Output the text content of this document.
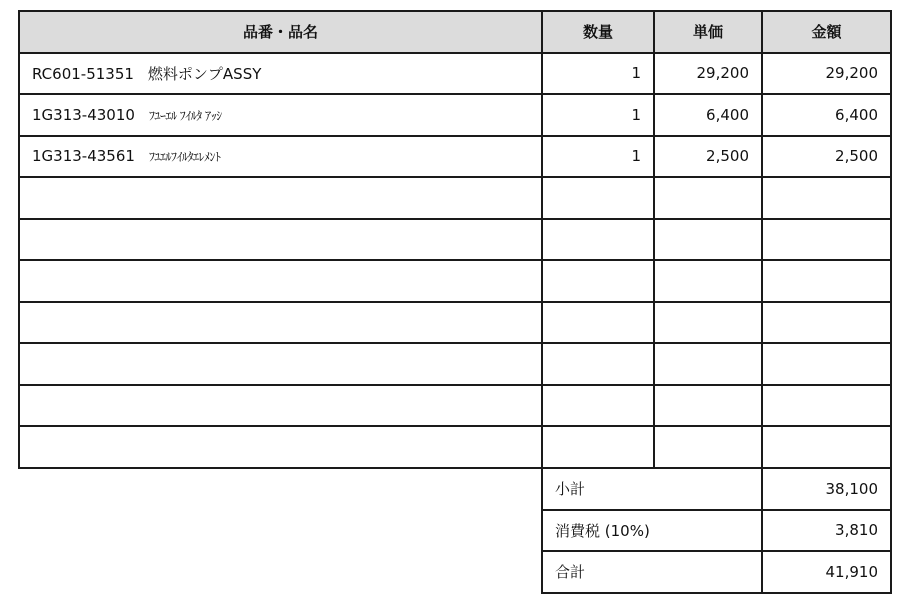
品番・品名	数量	単価	金額
RC601-51351 燃料ポンプASSY	1	29,200	29,200
1G313-43010 ﾌﾕｰｴﾙ ﾌｲﾙﾀ ｱｯｼ	1	6,400	6,400
1G313-43561 ﾌﾕｴﾙﾌｲﾙﾀｴﾚﾒﾝﾄ	1	2,500	2,500

小計	38,100
消費税 (10%)	3,810
合計	41,910
